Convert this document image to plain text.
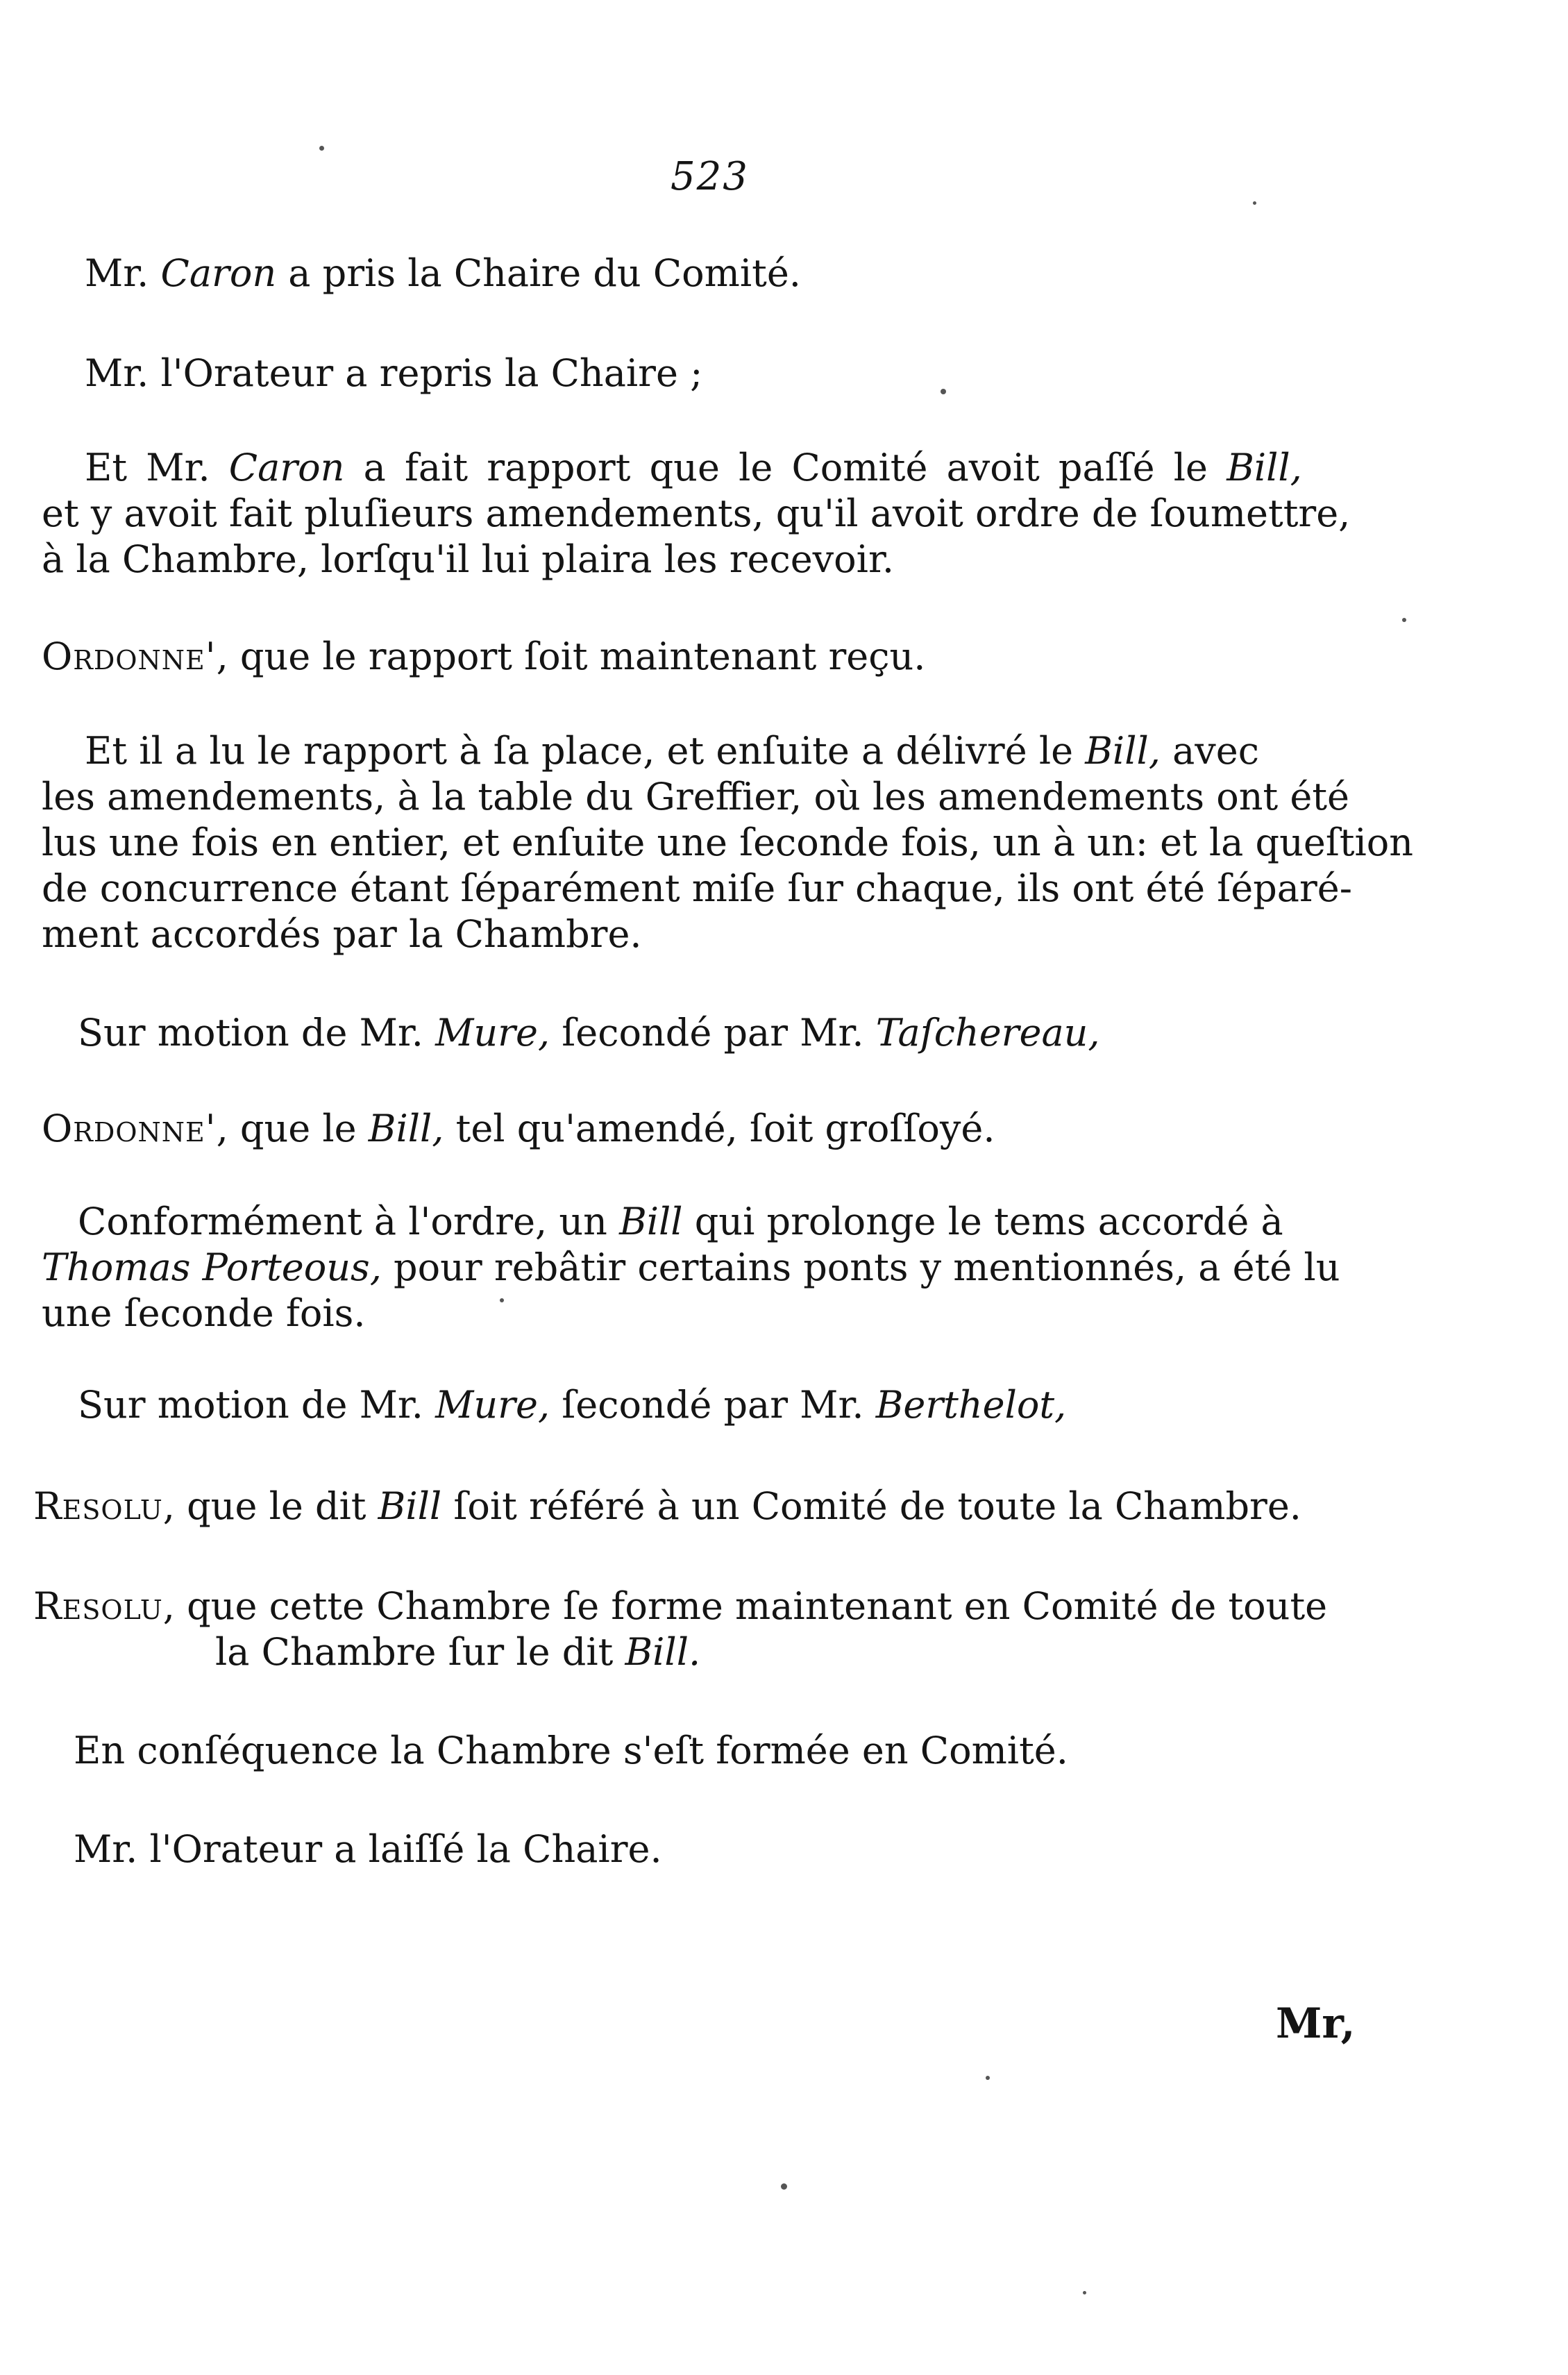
523
Mr. Caron a pris la Chaire du Comité.
Mr. l'Orateur a repris la Chaire ;
Et Mr. Caron a fait rapport que le Comité avoit paſſé le Bill,
et y avoit fait pluſieurs amendements, qu'il avoit ordre de ſoumettre,
à la Chambre, lorſqu'il lui plaira les recevoir.
Ordonne', que le rapport ſoit maintenant reçu.
Et il a lu le rapport à ſa place, et enſuite a délivré le Bill, avec
les amendements, à la table du Greffier, où les amendements ont été
lus une fois en entier, et enſuite une ſeconde fois, un à un: et la queſtion
de concurrence étant ſéparément miſe ſur chaque, ils ont été ſéparé-
ment accordés par la Chambre.
Sur motion de Mr. Mure, ſecondé par Mr. Taſchereau,
Ordonne', que le Bill, tel qu'amendé, ſoit groſſoyé.
Conformément à l'ordre, un Bill qui prolonge le tems accordé à
Thomas Porteous, pour rebâtir certains ponts y mentionnés, a été lu
une ſeconde fois.
Sur motion de Mr. Mure, ſecondé par Mr. Berthelot,
Resolu, que le dit Bill ſoit référé à un Comité de toute la Chambre.
Resolu, que cette Chambre ſe forme maintenant en Comité de toute
la Chambre ſur le dit Bill.
En conſéquence la Chambre s'eſt formée en Comité.
Mr. l'Orateur a laiſſé la Chaire.
Mr,
